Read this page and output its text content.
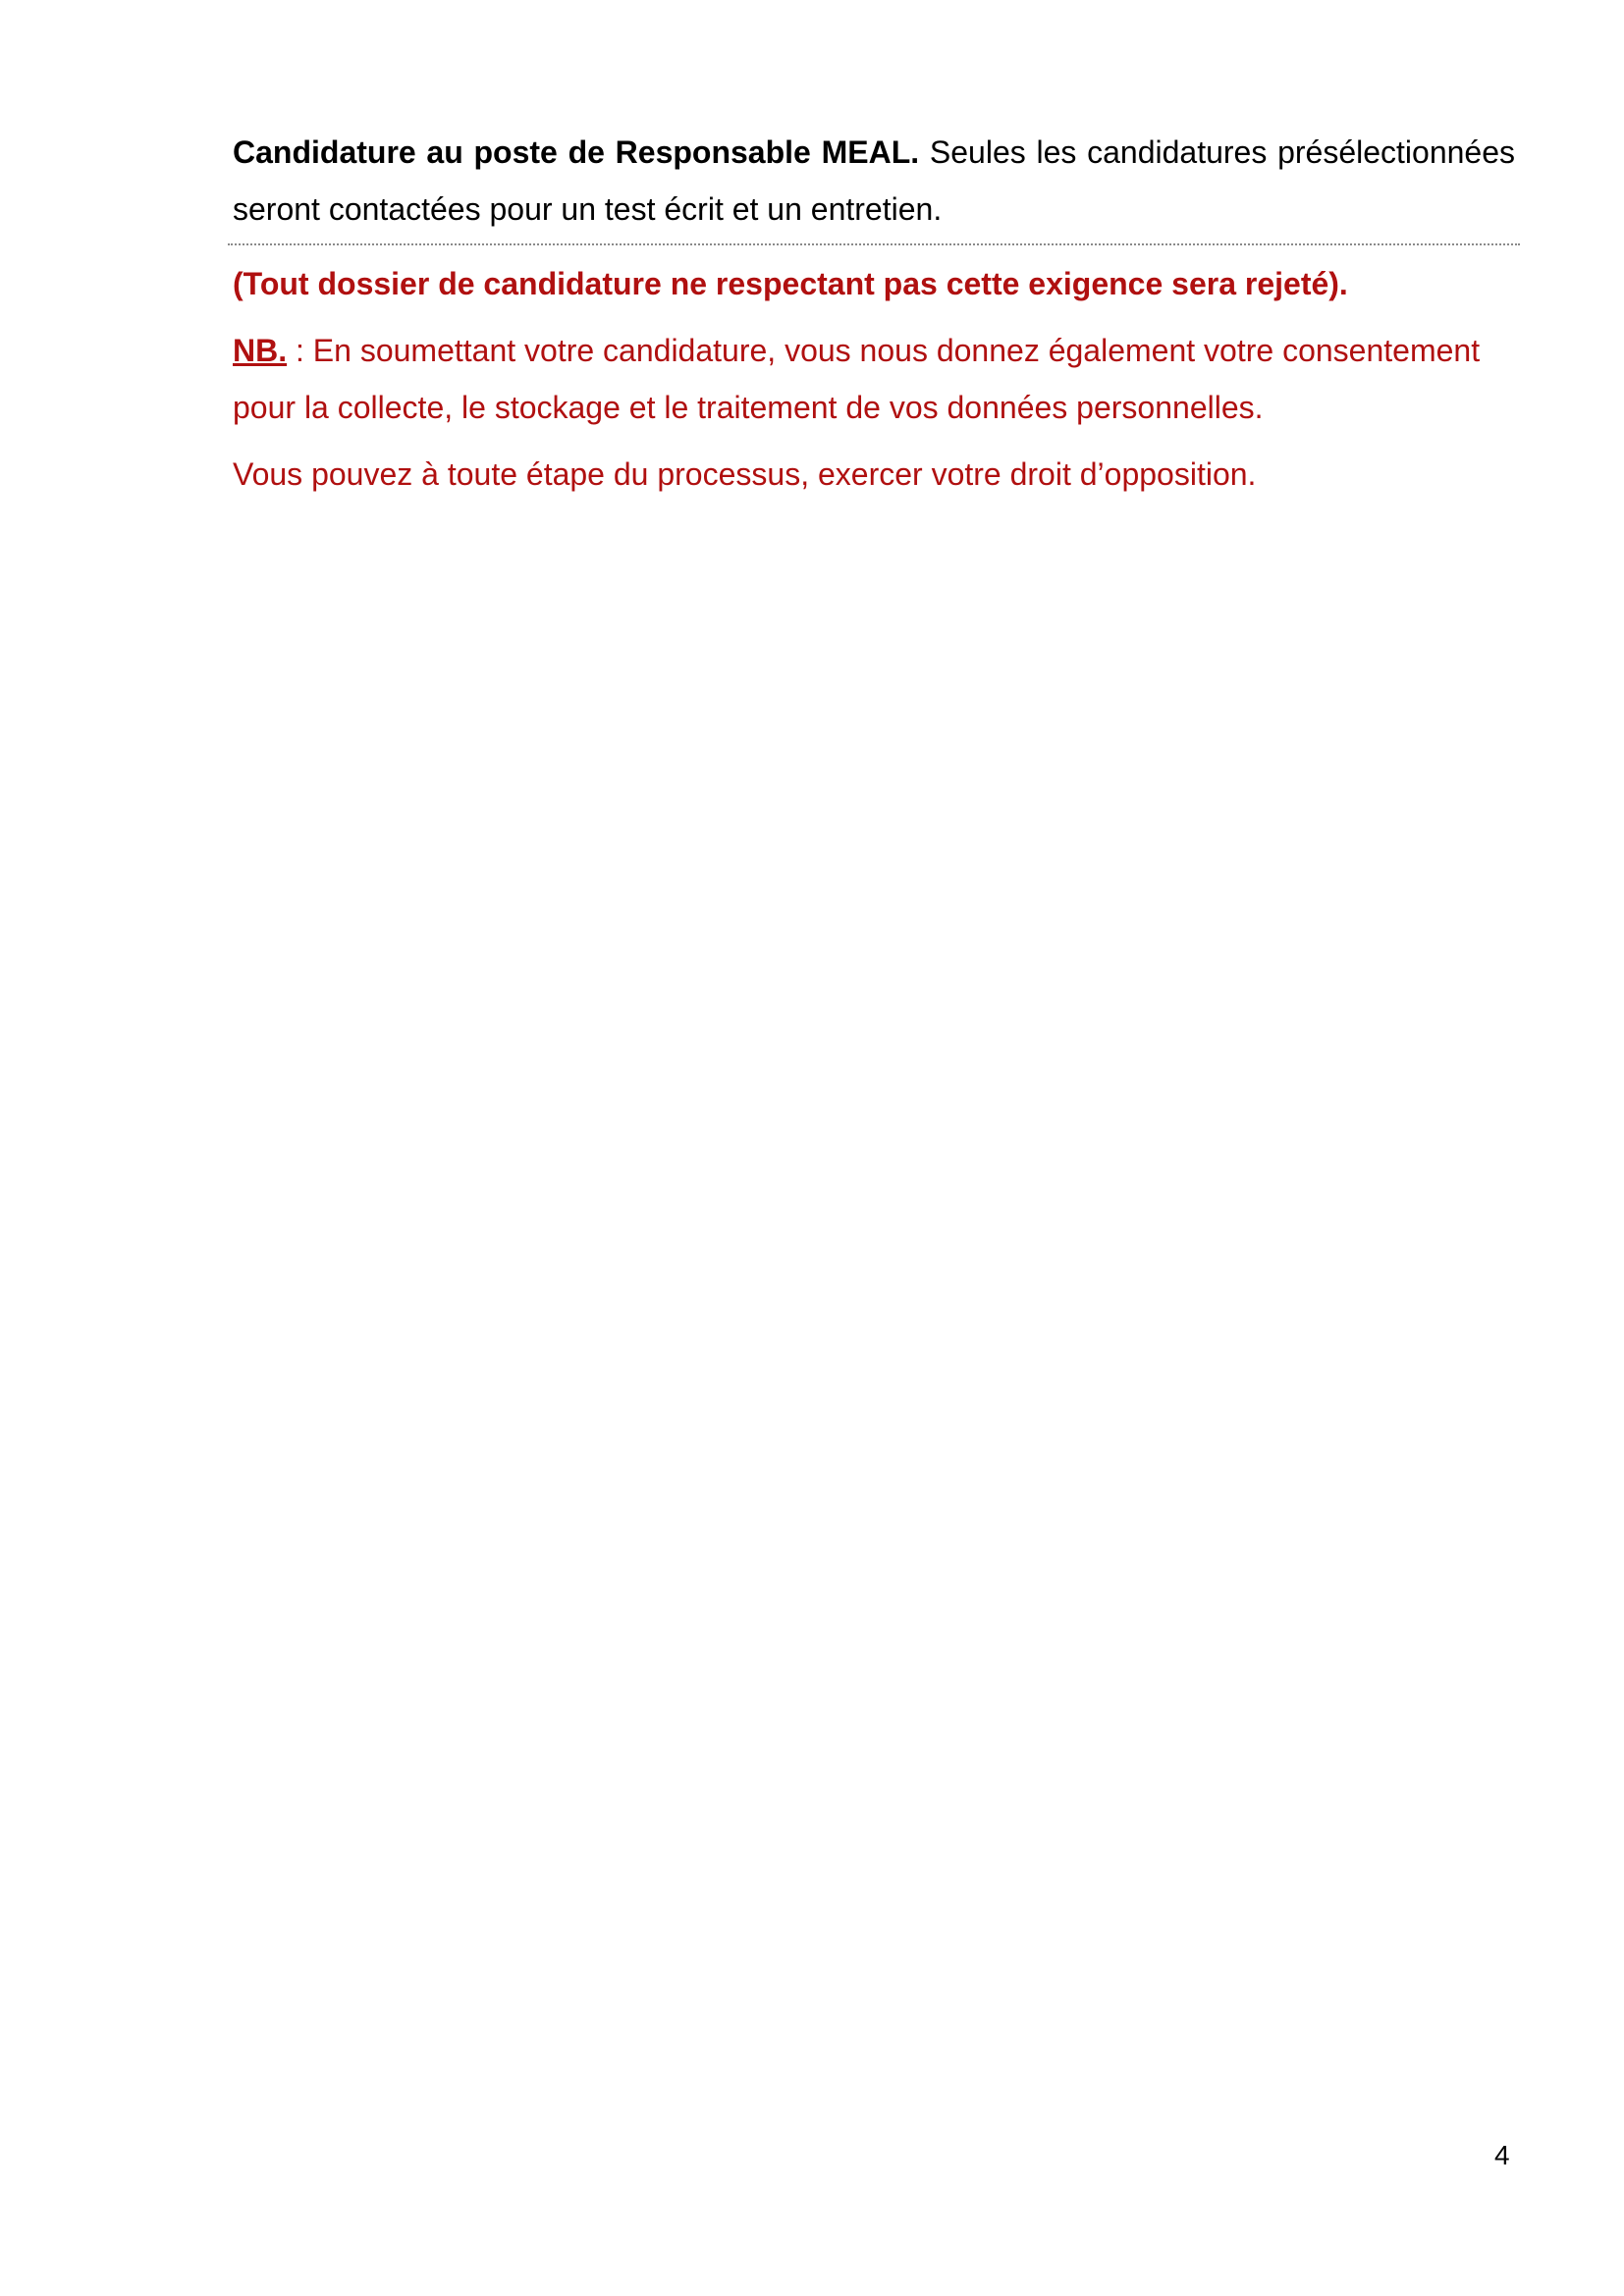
Candidature au poste de Responsable MEAL. Seules les candidatures présélectionnées seront contactées pour un test écrit et un entretien.

(Tout dossier de candidature ne respectant pas cette exigence sera rejeté).

NB. : En soumettant votre candidature, vous nous donnez également votre consentement pour la collecte, le stockage et le traitement de vos données personnelles.

Vous pouvez à toute étape du processus, exercer votre droit d’opposition.

4
